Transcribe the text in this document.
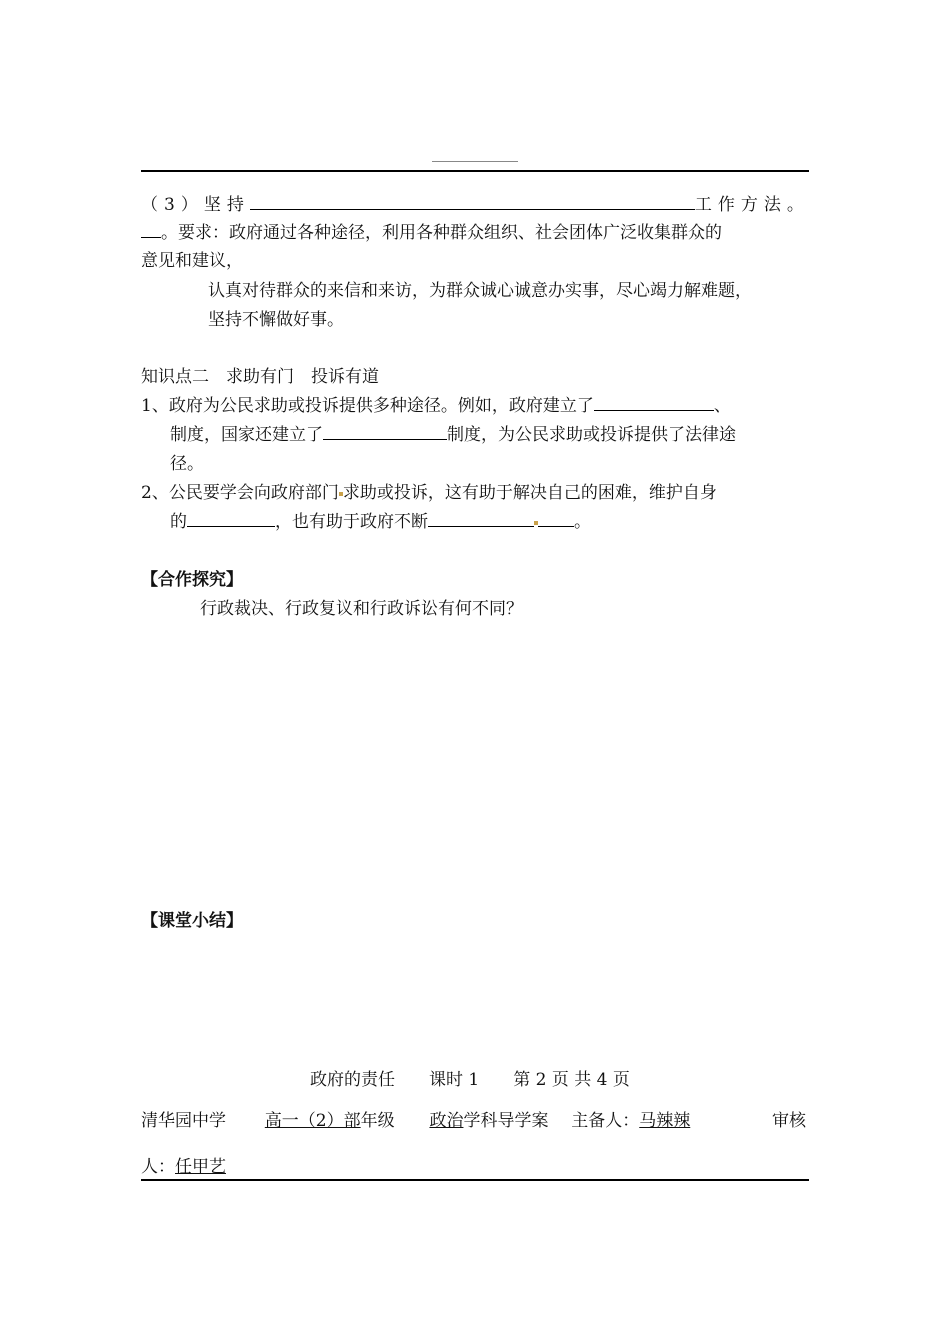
（3）坚持	工作方法。
。要求：政府通过各种途径，利用各种群众组织、社会团体广泛收集群众的
意见和建议，
认真对待群众的来信和来访，为群众诚心诚意办实事，尽心竭力解难题，
坚持不懈做好事。
知识点二　求助有门　投诉有道
1、政府为公民求助或投诉提供多种途径。例如，政府建立了	、
制度，国家还建立了	制度，为公民求助或投诉提供了法律途
径。
2、公民要学会向政府部门 求助或投诉，这有助于解决自己的困难，维护自身
的	，也有助于政府不断	。
【合作探究】
行政裁决、行政复议和行政诉讼有何不同？
【课堂小结】
政府的责任　　课时 1　　第 2 页 共 4 页
清华园中学 高一（2）部年级 政治学科导学案 主备人：马辣辣	审核
人：任甲艺
